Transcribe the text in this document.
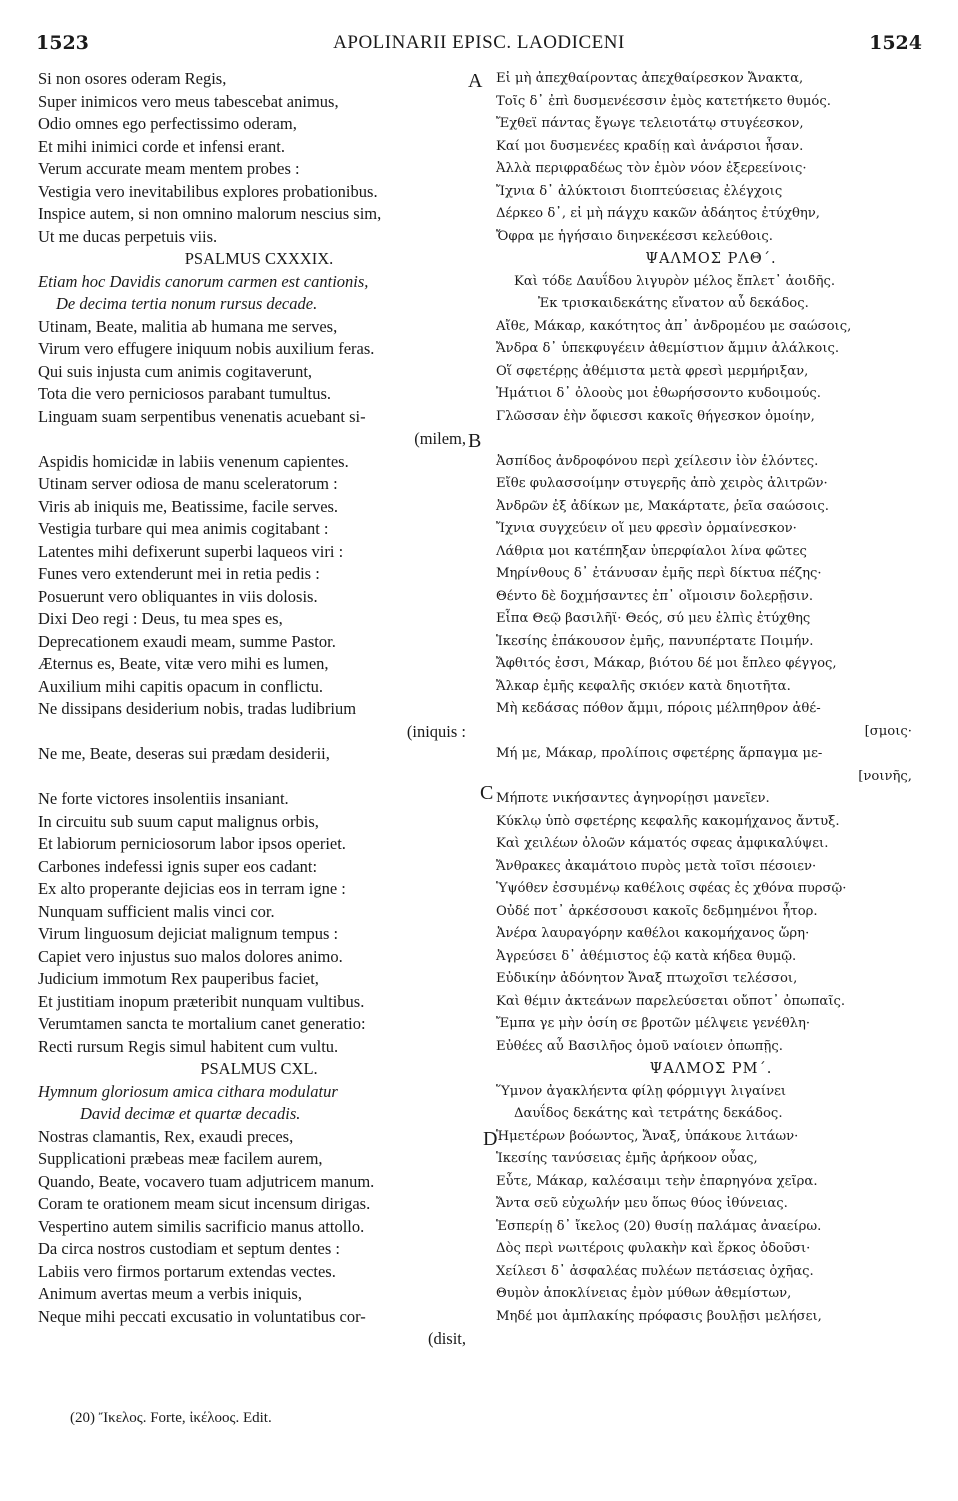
1523	APOLINARII EPISC. LAODICENI	1524
Si non osores oderam Regis,
Super inimicos vero meus tabescebat animus,
Odio omnes ego perfectissimo oderam,
Et mihi inimici corde et infensi erant.
Verum accurate meam mentem probes :
Vestigia vero inevitabilibus explores probationibus.
Inspice autem, si non omnino malorum nescius sim,
Ut me ducas perpetuis viis.
PSALMUS CXXXIX.
Etiam hoc Davidis canorum carmen est cantionis,
De decima tertia nonum rursus decade.
Utinam, Beate, malitia ab humana me serves,
Virum vero effugere iniquum nobis auxilium feras.
Qui suis injusta cum animis cogitaverunt,
Tota die vero perniciosos parabant tumultus.
Linguam suam serpentibus venenatis acuebant si-
(milem,
Aspidis homicidæ in labiis venenum capientes.
Utinam server odiosa de manu sceleratorum :
Viris ab iniquis me, Beatissime, facile serves.
Vestigia turbare qui mea animis cogitabant :
Latentes mihi defixerunt superbi laqueos viri :
Funes vero extenderunt mei in retia pedis :
Posuerunt vero obliquantes in viis dolosis.
Dixi Deo regi : Deus, tu mea spes es,
Deprecationem exaudi meam, summe Pastor.
Æternus es, Beate, vitæ vero mihi es lumen,
Auxilium mihi capitis opacum in conflictu.
Ne dissipans desiderium nobis, tradas ludibrium
(iniquis :
Ne me, Beate, deseras sui prædam desiderii,
Ne forte victores insolentiis insaniant.
In circuitu sub suum caput malignus orbis,
Et labiorum perniciosorum labor ipsos operiet.
Carbones indefessi ignis super eos cadant:
Ex alto properante dejicias eos in terram igne :
Nunquam sufficient malis vinci cor.
Virum linguosum dejiciat malignum tempus :
Capiet vero injustus suo malos dolores animo.
Judicium immotum Rex pauperibus faciet,
Et justitiam inopum præteribit nunquam vultibus.
Verumtamen sancta te mortalium canet generatio:
Recti rursum Regis simul habitent cum vultu.
PSALMUS CXL.
Hymnum gloriosum amica cithara modulatur
David decimæ et quartæ decadis.
Nostras clamantis, Rex, exaudi preces,
Supplicationi præbeas meæ facilem aurem,
Quando, Beate, vocavero tuam adjutricem manum.
Coram te orationem meam sicut incensum dirigas.
Vespertino autem similis sacrificio manus attollo.
Da circa nostros custodiam et septum dentes :
Labiis vero firmos portarum extendas vectes.
Animum avertas meum a verbis iniquis,
Neque mihi peccati excusatio in voluntatibus cor-
(disit,
Εἰ μὴ ἀπεχθαίροντας ἀπεχθαίρεσκον Ἄνακτα,
Τοῖς δ᾽ ἐπὶ δυσμενέεσσιν ἐμὸς κατετήκετο θυμός.
Ἔχθεϊ πάντας ἔγωγε τελειοτάτῳ στυγέεσκον,
Καί μοι δυσμενέες κραδίῃ καὶ ἀνάρσιοι ἦσαν.
Ἀλλὰ περιφραδέως τὸν ἐμὸν νόον ἐξερεείνοις·
Ἴχνια δ᾽ ἀλύκτοισι διοπτεύσειας ἐλέγχοις
Δέρκεο δ᾽, εἰ μὴ πάγχυ κακῶν ἀδάητος ἐτύχθην,
Ὄφρα με ἡγήσαιο διηνεκέεσσι κελεύθοις.
ΨΑΛΜΟΣ ΡΛΘ΄.
Καὶ τόδε Δαυΐδου λιγυρὸν μέλος ἔπλετ᾽ ἀοιδῆς.
Ἐκ τρισκαιδεκάτης εἴνατον αὖ δεκάδος.
Αἴθε, Μάκαρ, κακότητος ἀπ᾽ ἀνδρομέου με σαώσοις,
Ἄνδρα δ᾽ ὑπεκφυγέειν ἀθεμίστιον ἄμμιν ἀλάλκοις.
Οἵ σφετέρῃς ἀθέμιστα μετὰ φρεσὶ μερμήριξαν,
Ἠμάτιοι δ᾽ ὀλοοὺς μοι ἐθωρήσσοντο κυδοιμούς.
Γλῶσσαν ἑὴν ὄφιεσσι κακοῖς θήγεσκον ὁμοίην,
Ἀσπίδος ἀνδροφόνου περὶ χείλεσιν ἰὸν ἑλόντες.
Εἴθε φυλασσοίμην στυγερῆς ἀπὸ χειρὸς ἀλιτρῶν·
Ἀνδρῶν ἐξ ἀδίκων με, Μακάρτατε, ῥεῖα σαώσοις.
Ἴχνια συγχεύειν οἵ μευ φρεσὶν ὁρμαίνεσκον·
Λάθρια μοι κατέπηξαν ὑπερφίαλοι λίνα φῶτες
Μηρίνθους δ᾽ ἐτάνυσαν ἐμῆς περὶ δίκτυα πέζης·
Θέντο δὲ δοχμήσαντες ἐπ᾽ οἴμοισιν δολερῇσιν.
Εἶπα Θεῷ βασιλῆϊ· Θεός, σύ μευ ἐλπὶς ἐτύχθης
Ἱκεσίης ἐπάκουσον ἐμῆς, πανυπέρτατε Ποιμήν.
Ἄφθιτός ἐσσι, Μάκαρ, βιότου δέ μοι ἔπλεο φέγγος,
Ἄλκαρ ἐμῆς κεφαλῆς σκιόεν κατὰ δηιοτῆτα.
Μὴ κεδάσας πόθον ἄμμι, πόροις μέλπηθρον ἀθέ-
[σμοις·
Μή με, Μάκαρ, προλίποις σφετέρης ἅρπαγμα με-
[νοινῆς,
Μήποτε νικήσαντες ἀγηνορίῃσι μανεῖεν.
Κύκλῳ ὑπὸ σφετέρης κεφαλῆς κακομήχανος ἄντυξ.
Καὶ χειλέων ὀλοῶν κάματός σφεας ἀμφικαλύψει.
Ἄνθρακες ἀκαμάτοιο πυρὸς μετὰ τοῖσι πέσοιεν·
Ὑψόθεν ἐσσυμένῳ καθέλοις σφέας ἐς χθόνα πυρσῷ·
Οὐδέ ποτ᾽ ἀρκέσσουσι κακοῖς δεδμημένοι ἦτορ.
Ἀνέρα λαυραγόρην καθέλοι κακομήχανος ὥρη·
Ἀγρεύσει δ᾽ ἀθέμιστος ἑῷ κατὰ κήδεα θυμῷ.
Εὐδικίην ἀδόνητον Ἄναξ πτωχοῖσι τελέσσοι,
Καὶ θέμιν ἀκτεάνων παρελεύσεται οὔποτ᾽ ὀπωπαῖς.
Ἔμπα γε μὴν ὁσίη σε βροτῶν μέλψειε γενέθλη·
Εὐθέες αὖ Βασιλῆος ὁμοῦ ναίοιεν ὀπωπῇς.
ΨΑΛΜΟΣ ΡΜ΄.
Ὕμνον ἀγακλήεντα φίλῃ φόρμιγγι λιγαίνει
Δαυΐδος δεκάτης καὶ τετράτης δεκάδος.
Ἡμετέρων βοόωντος, Ἄναξ, ὑπάκουε λιτάων·
Ἱκεσίης τανύσειας ἐμῆς ἀρήκοον οὖας,
Εὖτε, Μάκαρ, καλέσαιμι τεὴν ἐπαρηγόνα χεῖρα.
Ἄντα σεῦ εὐχωλήν μευ ὅπως θύος ἰθύνειας.
Ἑσπερίῃ δ᾽ ἴκελος (20) θυσίῃ παλάμας ἀναείρω.
Δὸς περὶ νωιτέροις φυλακὴν καὶ ἕρκος ὀδοῦσι·
Χείλεσι δ᾽ ἀσφαλέας πυλέων πετάσειας ὀχῆας.
Θυμὸν ἀποκλίνειας ἐμὸν μύθων ἀθεμίστων,
Μηδέ μοι ἀμπλακίης πρόφασις βουλῇσι μελήσει,
A
B
C
D
(20) Ἴκελος. Forte, ἰκέλοος. Edit.
